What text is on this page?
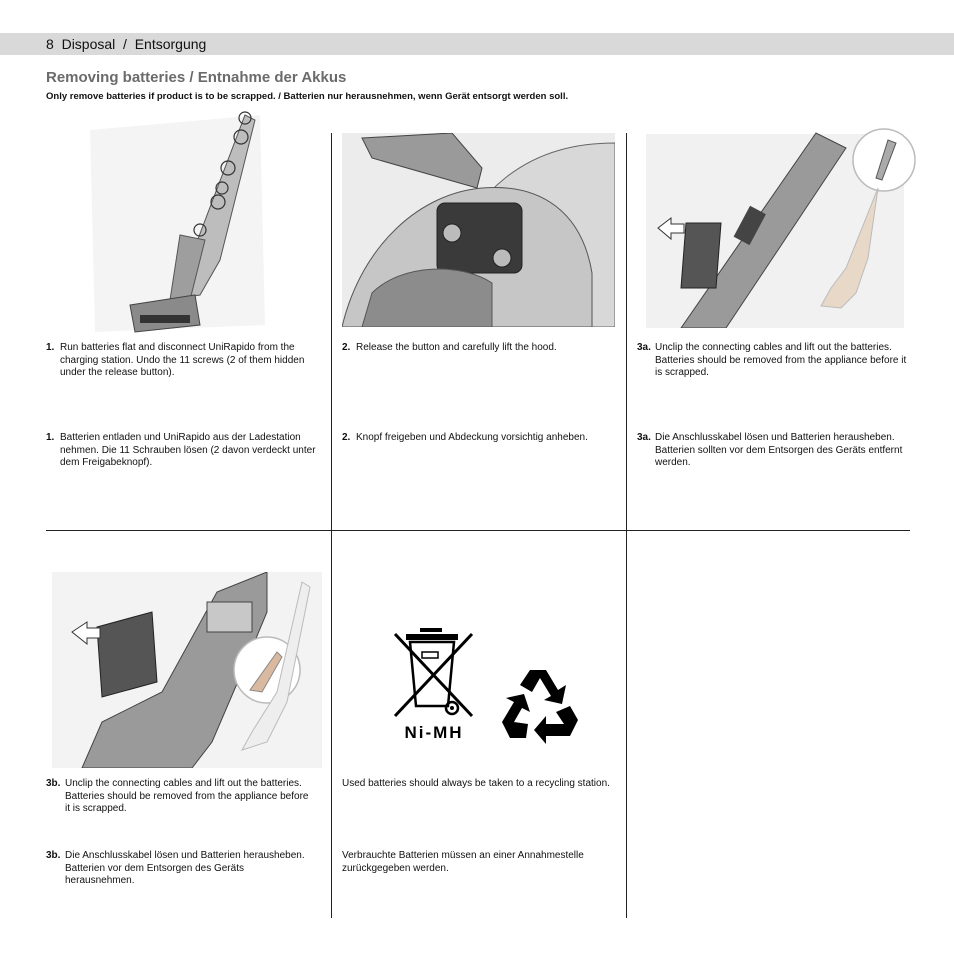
8 Disposal  /  Entsorgung
Removing batteries / Entnahme der Akkus
Only remove batteries if product is to be scrapped. / Batterien nur herausnehmen, wenn Gerät entsorgt werden soll.
1. Run batteries flat and disconnect UniRapido from the charging station. Undo the 11 screws (2 of them hidden under the release button).
1. Batterien entladen und UniRapido aus der Ladestation nehmen. Die 11 Schrauben lösen (2 davon verdeckt unter dem Freigabeknopf).
2. Release the button and carefully lift the hood.
2. Knopf freigeben und Abdeckung vorsichtig anheben.
3a. Unclip the connecting cables and lift out the batteries. Batteries should be removed from the appliance before it is scrapped.
3a. Die Anschlusskabel lösen und Batterien herausheben. Batterien sollten vor dem Entsorgen des Geräts entfernt werden.
3b. Unclip the connecting cables and lift out the batteries. Batteries should be removed from the appliance before it is scrapped.
3b. Die Anschlusskabel lösen und Batterien herausheben. Batterien vor dem Entsorgen des Geräts herausnehmen.
Ni-MH
Used batteries should always be taken to a recycling station.
Verbrauchte Batterien müssen an einer Annahmestelle zurückgegeben werden.
